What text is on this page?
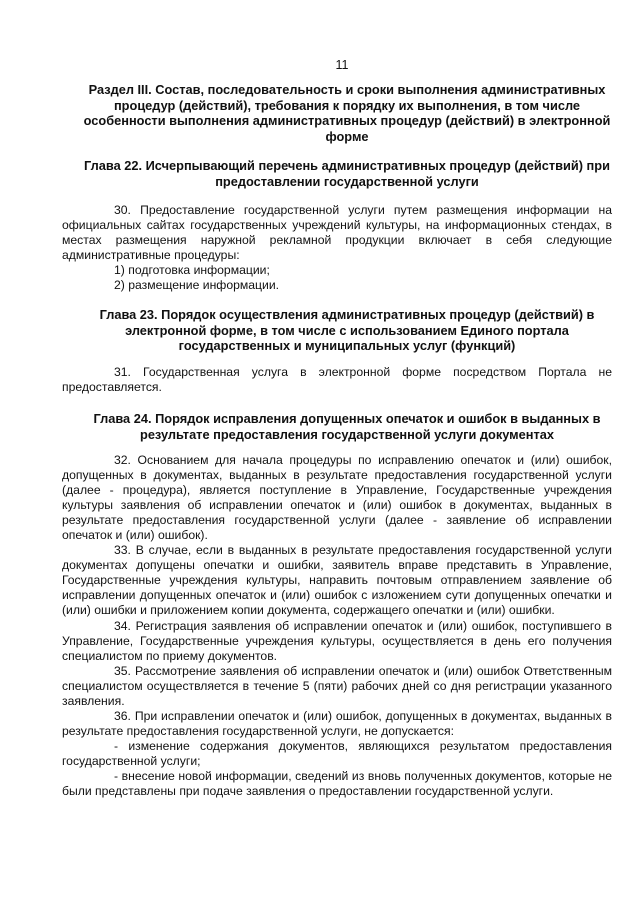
11
Раздел III. Состав, последовательность и сроки выполнения административных процедур (действий), требования к порядку их выполнения, в том числе особенности выполнения административных процедур (действий) в электронной форме
Глава 22. Исчерпывающий перечень административных процедур (действий) при предоставлении государственной услуги

30. Предоставление государственной услуги путем размещения информации на официальных сайтах государственных учреждений культуры, на информационных стендах, в местах размещения наружной рекламной продукции включает в себя следующие административные процедуры:

1) подготовка информации;

2) размещение информации.

Глава 23. Порядок осуществления административных процедур (действий) в электронной форме, в том числе с использованием Единого портала государственных и муниципальных услуг (функций)

31. Государственная услуга в электронной форме посредством Портала не предоставляется.

Глава 24. Порядок исправления допущенных опечаток и ошибок в выданных в результате предоставления государственной услуги документах

32. Основанием для начала процедуры по исправлению опечаток и (или) ошибок, допущенных в документах, выданных в результате предоставления государственной услуги (далее - процедура), является поступление в Управление, Государственные учреждения культуры заявления об исправлении опечаток и (или) ошибок в документах, выданных в результате предоставления государственной услуги (далее - заявление об исправлении опечаток и (или) ошибок).

33. В случае, если в выданных в результате предоставления государственной услуги документах допущены опечатки и ошибки, заявитель вправе представить в Управление, Государственные учреждения культуры, направить почтовым отправлением заявление об исправлении допущенных опечаток и (или) ошибок с изложением сути допущенных опечатки и (или) ошибки и приложением копии документа, содержащего опечатки и (или) ошибки.

34. Регистрация заявления об исправлении опечаток и (или) ошибок, поступившего в Управление, Государственные учреждения культуры, осуществляется в день его получения специалистом по приему документов.

35. Рассмотрение заявления об исправлении опечаток и (или) ошибок Ответственным специалистом осуществляется в течение 5 (пяти) рабочих дней со дня регистрации указанного заявления.

36. При исправлении опечаток и (или) ошибок, допущенных в документах, выданных в результате предоставления государственной услуги, не допускается:

- изменение содержания документов, являющихся результатом предоставления государственной услуги;

- внесение новой информации, сведений из вновь полученных документов, которые не были представлены при подаче заявления о предоставлении государственной услуги.
